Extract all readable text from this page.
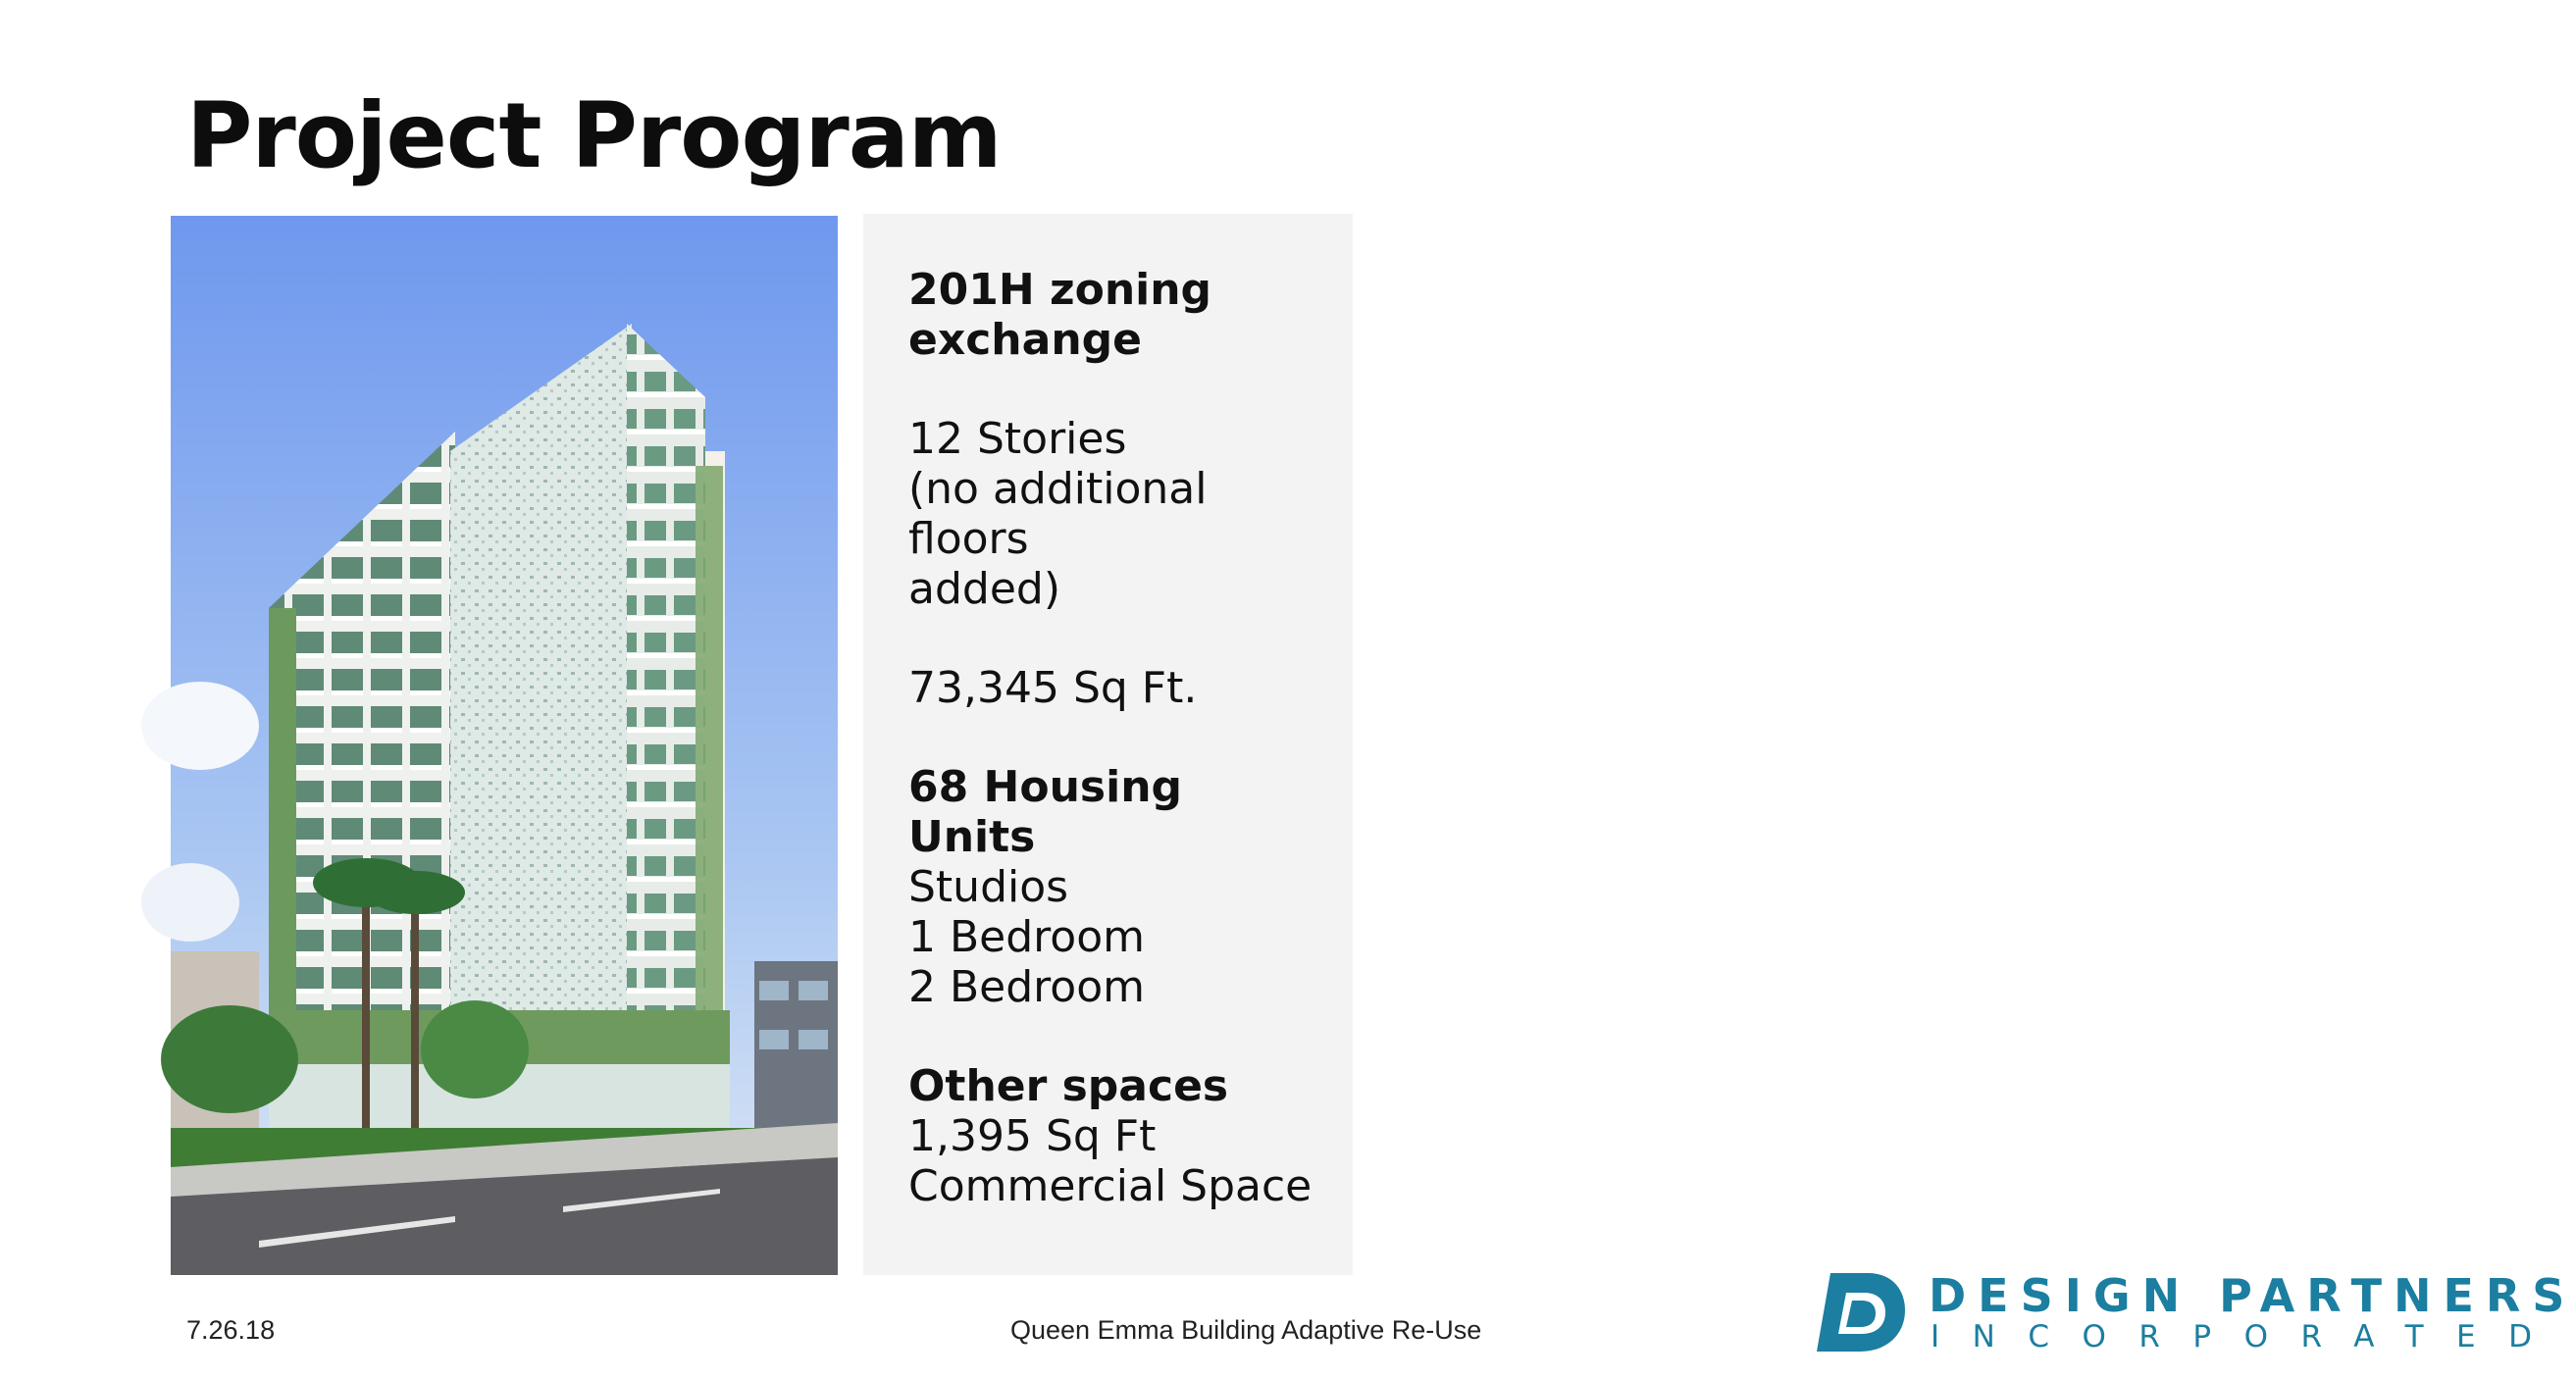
Project Program
201H zoning
exchange
12 Stories
(no additional floors
added)
73,345 Sq Ft.
68 Housing Units
Studios
1 Bedroom
2 Bedroom
Other spaces
1,395 Sq Ft
Commercial Space
7.26.18	Queen Emma Building Adaptive Re-Use
DESIGN PARTNERS
INCORPORATED
